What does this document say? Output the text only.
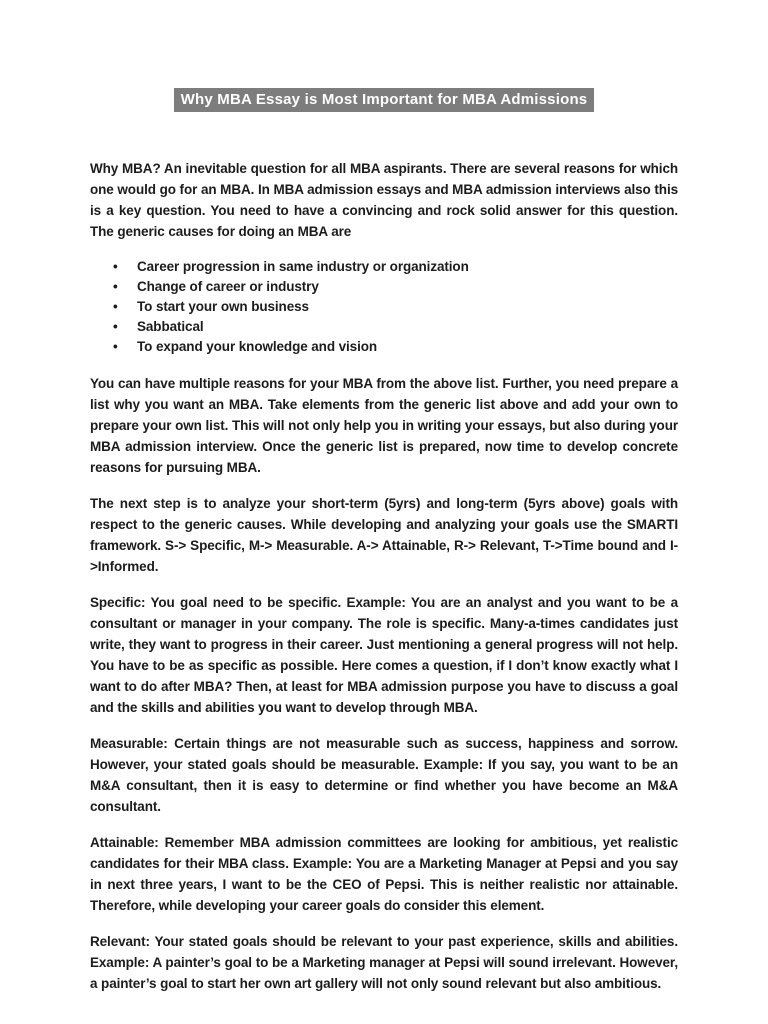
Why MBA Essay is Most Important for MBA Admissions

Why MBA? An inevitable question for all MBA aspirants. There are several reasons for which one would go for an MBA. In MBA admission essays and MBA admission interviews also this is a key question. You need to have a convincing and rock solid answer for this question. The generic causes for doing an MBA are

• Career progression in same industry or organization
• Change of career or industry
• To start your own business
• Sabbatical
• To expand your knowledge and vision

You can have multiple reasons for your MBA from the above list. Further, you need prepare a list why you want an MBA. Take elements from the generic list above and add your own to prepare your own list. This will not only help you in writing your essays, but also during your MBA admission interview. Once the generic list is prepared, now time to develop concrete reasons for pursuing MBA.

The next step is to analyze your short-term (5yrs) and long-term (5yrs above) goals with respect to the generic causes. While developing and analyzing your goals use the SMARTI framework. S-> Specific, M-> Measurable. A-> Attainable, R-> Relevant, T->Time bound and I->Informed.

Specific: You goal need to be specific. Example: You are an analyst and you want to be a consultant or manager in your company. The role is specific. Many-a-times candidates just write, they want to progress in their career. Just mentioning a general progress will not help. You have to be as specific as possible. Here comes a question, if I don’t know exactly what I want to do after MBA? Then, at least for MBA admission purpose you have to discuss a goal and the skills and abilities you want to develop through MBA.

Measurable: Certain things are not measurable such as success, happiness and sorrow. However, your stated goals should be measurable. Example: If you say, you want to be an M&A consultant, then it is easy to determine or find whether you have become an M&A consultant.

Attainable: Remember MBA admission committees are looking for ambitious, yet realistic candidates for their MBA class. Example: You are a Marketing Manager at Pepsi and you say in next three years, I want to be the CEO of Pepsi. This is neither realistic nor attainable. Therefore, while developing your career goals do consider this element.

Relevant: Your stated goals should be relevant to your past experience, skills and abilities. Example: A painter’s goal to be a Marketing manager at Pepsi will sound irrelevant. However, a painter’s goal to start her own art gallery will not only sound relevant but also ambitious.
